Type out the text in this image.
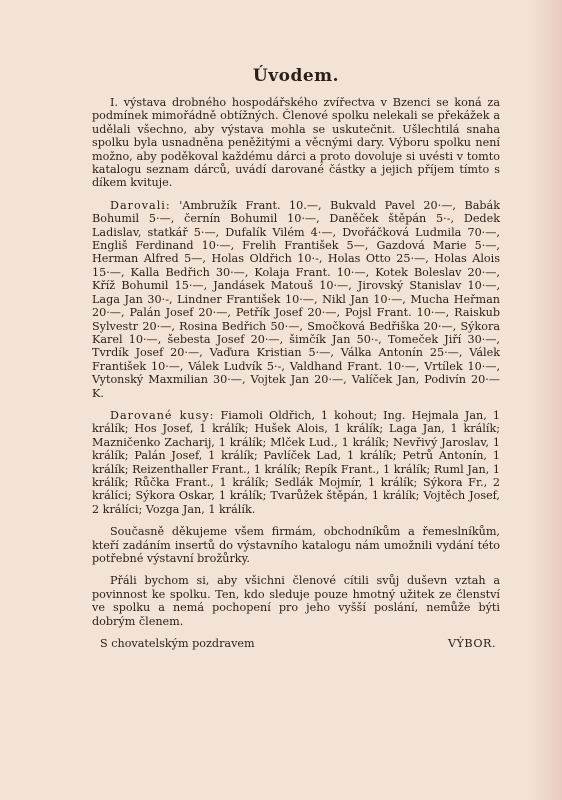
Úvodem.

I. výstava drobného hospodářského zvířectva v Bzenci se koná za podmínek mimořádně obtížných. Členové spolku nelekali se překážek a udělali všechno, aby výstava mohla se uskutečnit. Ušlechtilá snaha spolku byla usnadněna peněžitými a věcnými dary. Výboru spolku není možno, aby poděkoval každému dárci a proto dovoluje si uvésti v tomto katalogu seznam dárců, uvádí darované částky a jejich příjem tímto s díkem kvituje.

Darovali: 'Ambružík Frant. 10.—, Bukvald Pavel 20·—, Babák Bohumil 5·—, černín Bohumil 10·—, Daněček štěpán 5·-, Dedek Ladislav, statkář 5·—, Dufalík Vilém 4·—, Dvořáčková Ludmila 70·—, Engliš Ferdinand 10·—, Frelih František 5—, Gazdová Marie 5·—, Herman Alfred 5—, Holas Oldřich 10·-, Holas Otto 25·—, Holas Alois 15·—, Kalla Bedřich 30·—, Kolaja Frant. 10·—, Kotek Boleslav 20·—, Kříž Bohumil 15·—, Jandásek Matouš 10·—, Jirovský Stanislav 10·—, Laga Jan 30·-, Lindner František 10·—, Nikl Jan 10·—, Mucha Heřman 20·—, Palán Josef 20·—, Petřík Josef 20·—, Pojsl Frant. 10·—, Raiskub Sylvestr 20·—, Rosina Bedřich 50·—, Smočková Bedřiška 20·—, Sýkora Karel 10·—, šebesta Josef 20·—, šimčík Jan 50·-, Tomeček Jiří 30·—, Tvrdík Josef 20·—, Vaďura Kristian 5·—, Válka Antonín 25·—, Válek František 10·—, Válek Ludvík 5·-, Valdhand Frant. 10·—, Vrtílek 10·—, Vytonský Maxmilian 30·—, Vojtek Jan 20·—, Valíček Jan, Podivín 20·— K.

Darované kusy: Fiamoli Oldřich, 1 kohout; Ing. Hejmala Jan, 1 králík; Hos Josef, 1 králík; Hušek Alois, 1 králík; Laga Jan, 1 králík; Mazničenko Zacharij, 1 králík; Mlček Lud., 1 králík; Nevřivý Jaroslav, 1 králík; Palán Josef, 1 králík; Pavlíček Lad, 1 králík; Petrů Antonín, 1 králík; Reizenthaller Frant., 1 králík; Repík Frant., 1 králík; Ruml Jan, 1 králík; Růčka Frant., 1 králík; Sedlák Mojmír, 1 králík; Sýkora Fr., 2 králíci; Sýkora Oskar, 1 králík; Tvarůžek štěpán, 1 králík; Vojtěch Josef, 2 králíci; Vozga Jan, 1 králík.

Současně děkujeme všem firmám, obchodníkům a řemeslníkům, kteří zadáním insertů do výstavního katalogu nám umožnili vydání této potřebné výstavní brožůrky.

Přáli bychom si, aby všichni členové cítili svůj duševn vztah a povinnost ke spolku. Ten, kdo sleduje pouze hmotný užitek ze členství ve spolku a nemá pochopení pro jeho vyšší poslání, nemůže býti dobrým členem.

S chovatelským pozdravem	VÝBOR.
